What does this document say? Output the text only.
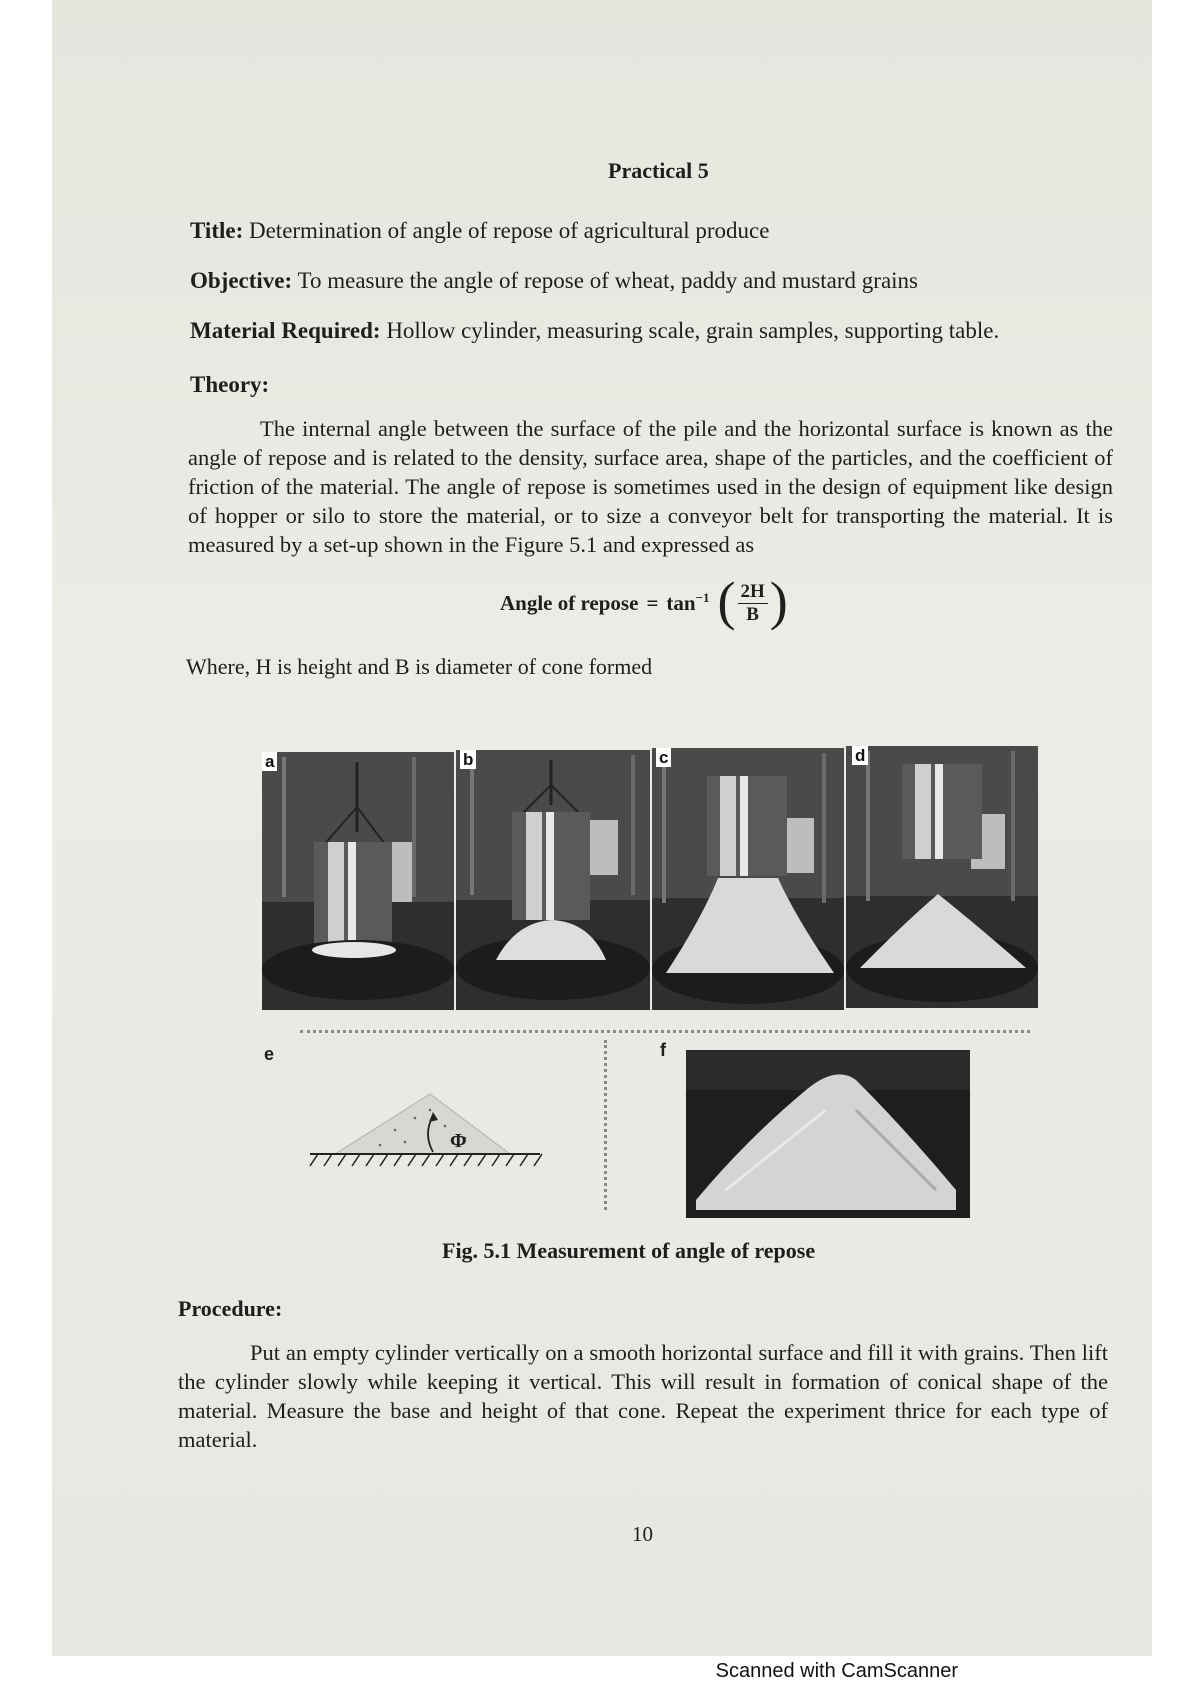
Practical 5
Title: Determination of angle of repose of agricultural produce
Objective: To measure the angle of repose of wheat, paddy and mustard grains
Material Required: Hollow cylinder, measuring scale, grain samples, supporting table.
Theory:

The internal angle between the surface of the pile and the horizontal surface is known as the angle of repose and is related to the density, surface area, shape of the particles, and the coefficient of friction of the material. The angle of repose is sometimes used in the design of equipment like design of hopper or silo to store the material, or to size a conveyor belt for transporting the material. It is measured by a set-up shown in the Figure 5.1 and expressed as

Angle of repose = $\tan^{-1}$ ( $\frac{2H}{B}$ )
Where, H is height and B is diameter of cone formed
a	b	c	d
e
Φ
f
Fig. 5.1 Measurement of angle of repose
Procedure:

Put an empty cylinder vertically on a smooth horizontal surface and fill it with grains. Then lift the cylinder slowly while keeping it vertical. This will result in formation of conical shape of the material. Measure the base and height of that cone. Repeat the experiment thrice for each type of material.

10
Scanned with CamScanner
